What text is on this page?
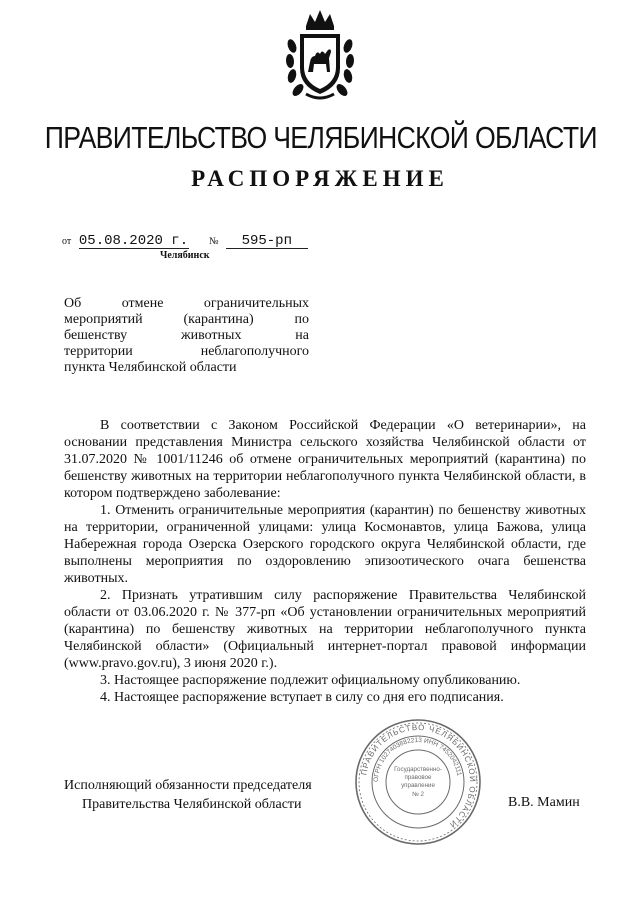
ПРАВИТЕЛЬСТВО ЧЕЛЯБИНСКОЙ ОБЛАСТИ
РАСПОРЯЖЕНИЕ
от 05.08.2020 г. № 595-рп
Челябинск
Об отмене ограничительных
мероприятий (карантина) по
бешенству животных на
территории неблагополучного
пункта Челябинской области

В соответствии с Законом Российской Федерации «О ветеринарии», на основании представления Министра сельского хозяйства Челябинской области от 31.07.2020 № 1001/11246 об отмене ограничительных мероприятий (карантина) по бешенству животных на территории неблагополучного пункта Челябинской области, в котором подтверждено заболевание:

1. Отменить ограничительные мероприятия (карантин) по бешенству животных на территории, ограниченной улицами: улица Космонавтов, улица Бажова, улица Набережная города Озерска Озерского городского округа Челябинской области, где выполнены мероприятия по оздоровлению эпизоотического очага бешенства животных.

2. Признать утратившим силу распоряжение Правительства Челябинской области от 03.06.2020 г. № 377-рп «Об установлении ограничительных мероприятий (карантина) по бешенству животных на территории неблагополучного пункта Челябинской области» (Официальный интернет-портал правовой информации (www.pravo.gov.ru), 3 июня 2020 г.).

3. Настоящее распоряжение подлежит официальному опубликованию.

4. Настоящее распоряжение вступает в силу со дня его подписания.

Исполняющий обязанности председателя
Правительства Челябинской области	В.В. Мамин
ПРАВИТЕЛЬСТВО ЧЕЛЯБИНСКОЙ ОБЛАСТИ
ОГРН 1027403882213 ИНН 7452042111
Государственно-
правовое
управление
№ 2
